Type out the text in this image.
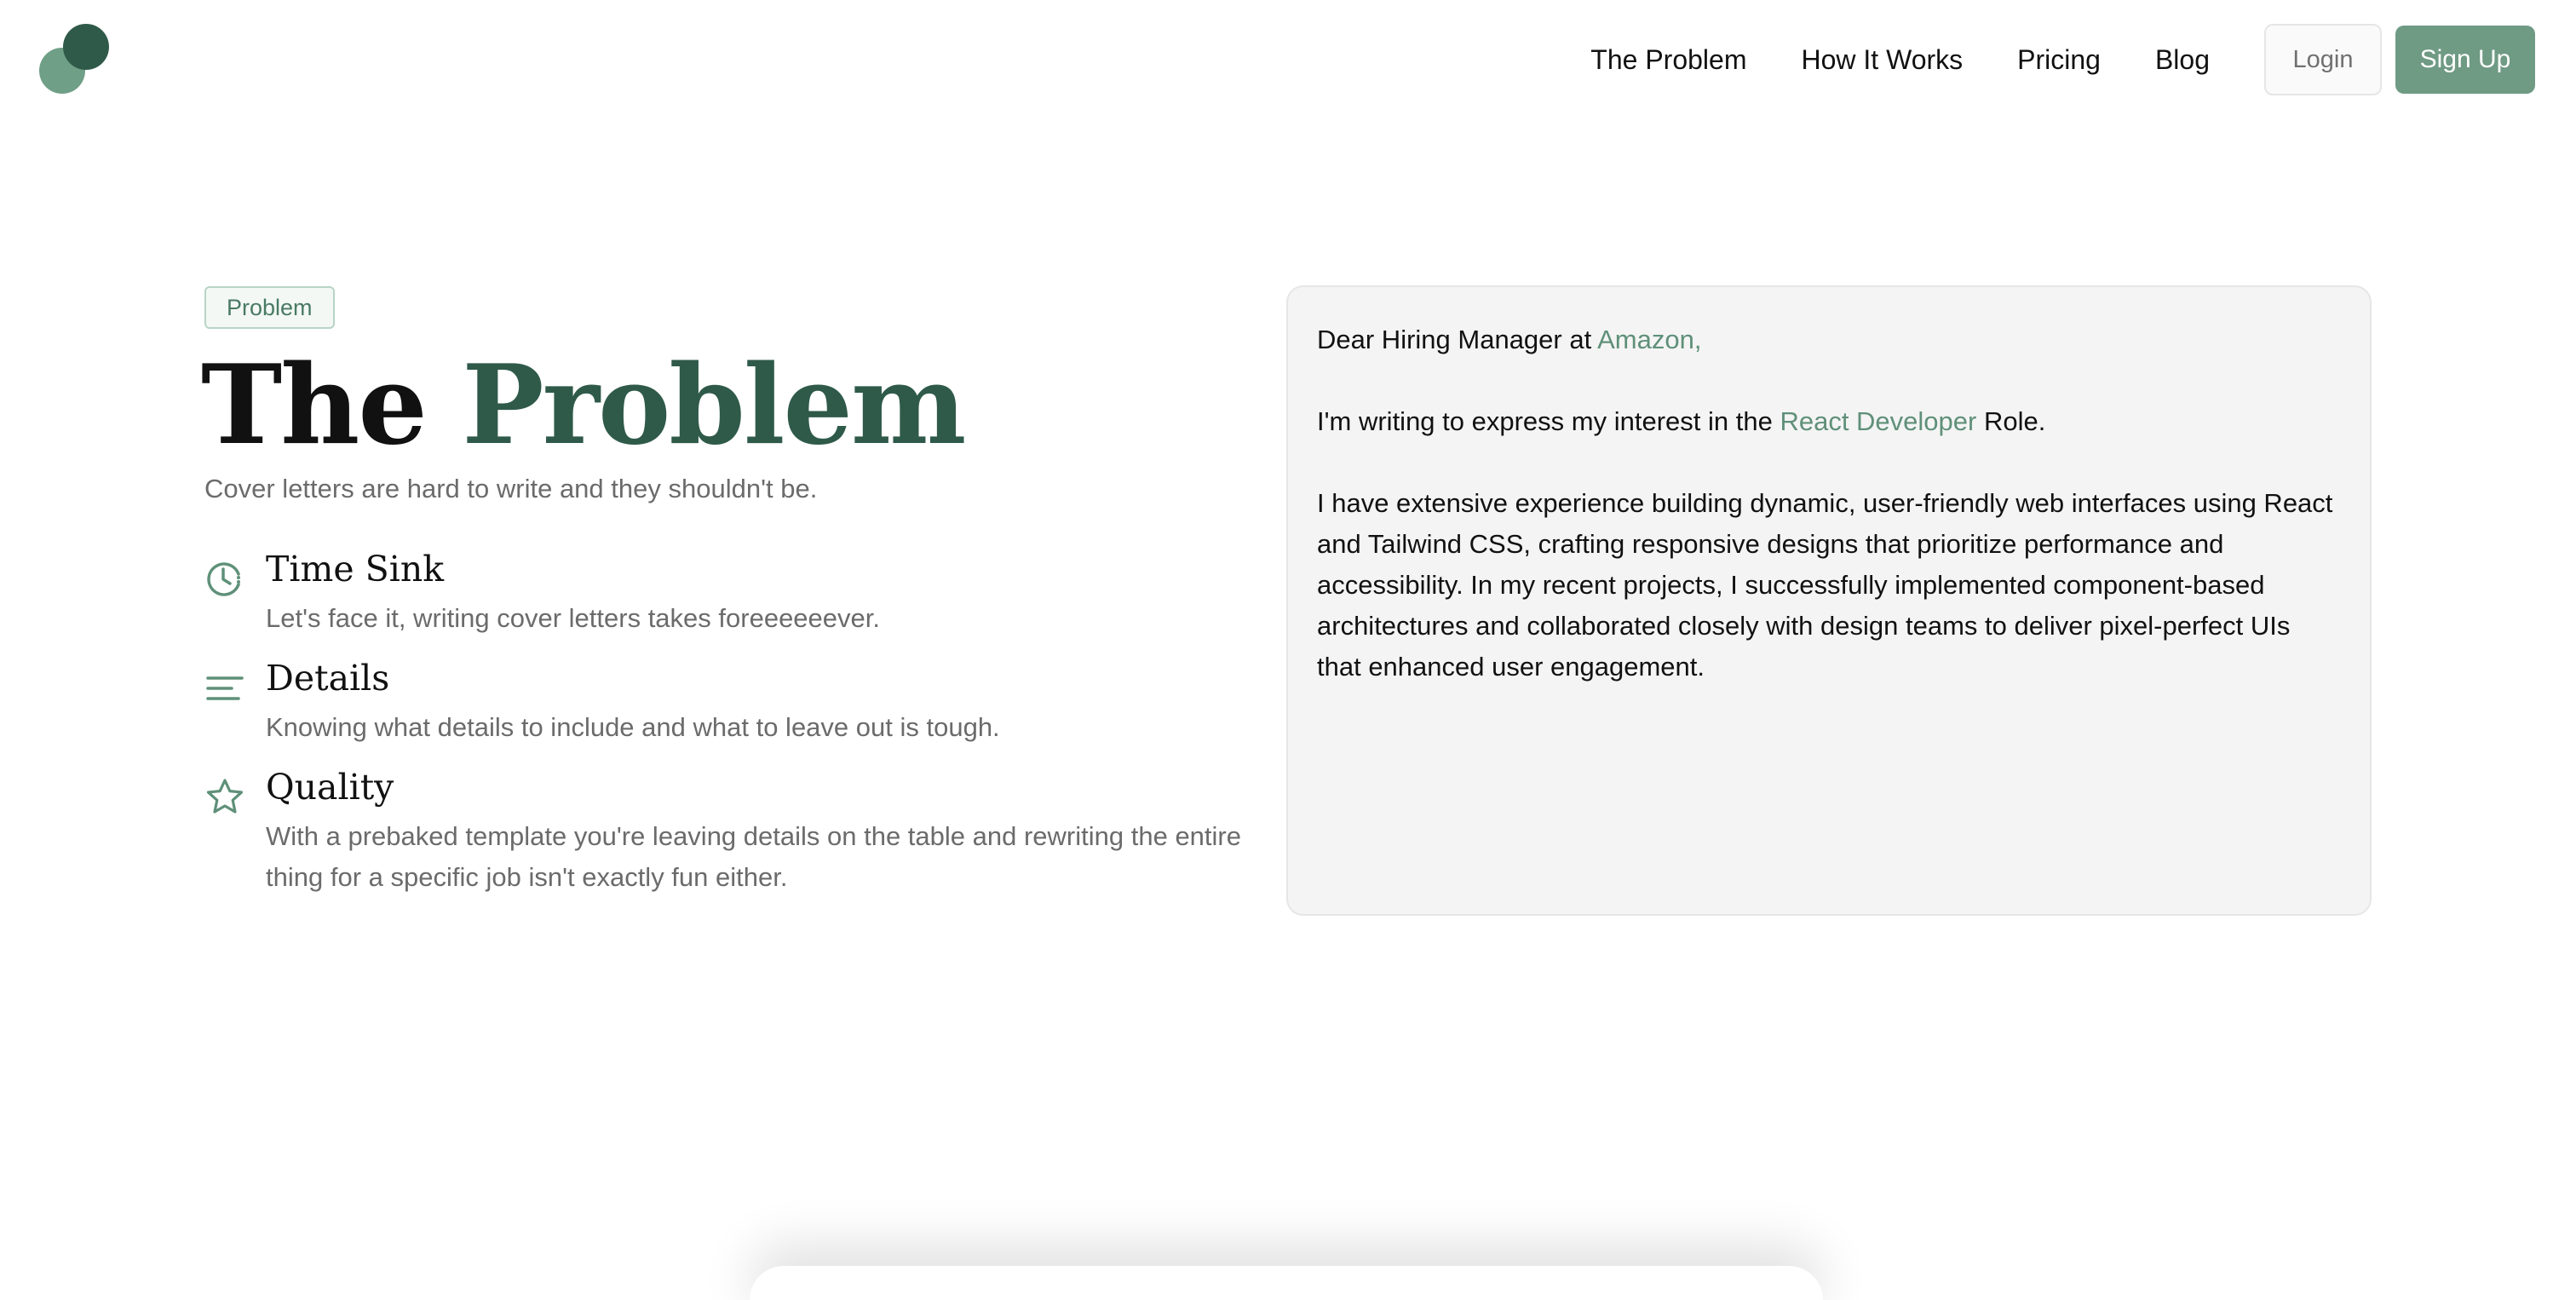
The Problem How It Works Pricing Blog	Login	Sign Up
Problem
The Problem
Cover letters are hard to write and they shouldn't be.
Time Sink
Let's face it, writing cover letters takes foreeeeeever.
Details
Knowing what details to include and what to leave out is tough.
Quality
With a prebaked template you're leaving details on the table and rewriting the entire thing for a specific job isn't exactly fun either.

Dear Hiring Manager at Amazon,

I'm writing to express my interest in the React Developer Role.

I have extensive experience building dynamic, user-friendly web interfaces using React and Tailwind CSS, crafting responsive designs that prioritize performance and accessibility. In my recent projects, I successfully implemented component-based architectures and collaborated closely with design teams to deliver pixel-perfect UIs that enhanced user engagement.
